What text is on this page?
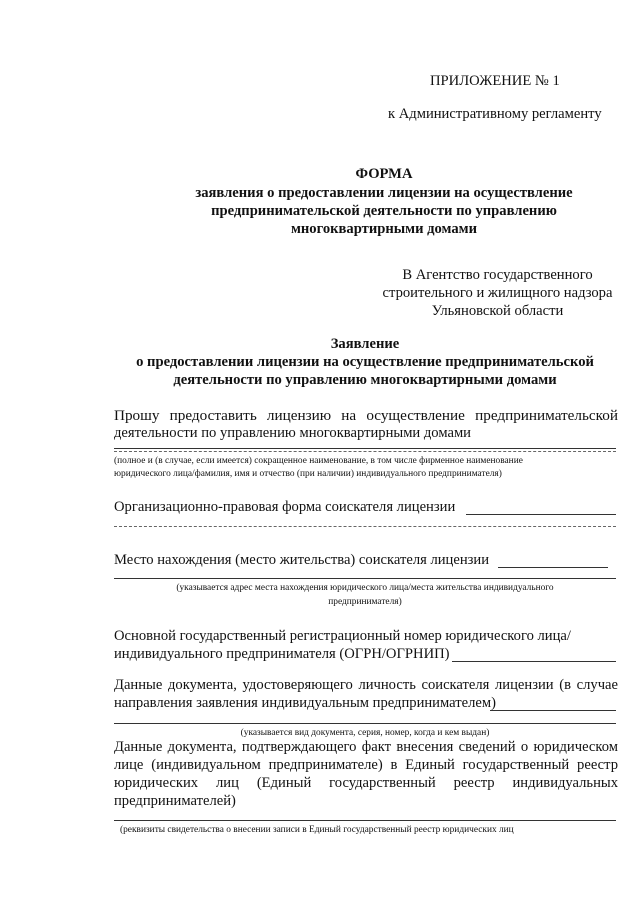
ПРИЛОЖЕНИЕ № 1
к Административному регламенту
ФОРМА
заявления о предоставлении лицензии на осуществление
предпринимательской деятельности по управлению
многоквартирными домами
В Агентство государственного
строительного и жилищного надзора
Ульяновской области
Заявление
о предоставлении лицензии на осуществление предпринимательской
деятельности по управлению многоквартирными домами
Прошу предоставить лицензию на осуществление предпринимательской
деятельности по управлению многоквартирными домами
(полное и (в случае, если имеется) сокращенное наименование, в том числе фирменное наименование
юридического лица/фамилия, имя и отчество (при наличии) индивидуального предпринимателя)
Организационно-правовая форма соискателя лицензии
Место нахождения (место жительства) соискателя лицензии
(указывается адрес места нахождения юридического лица/места жительства индивидуального
предпринимателя)
Основной государственный регистрационный номер юридического лица/
индивидуального предпринимателя (ОГРН/ОГРНИП)
Данные документа, удостоверяющего личность соискателя лицензии (в случае
направления заявления индивидуальным предпринимателем)
(указывается вид документа, серия, номер, когда и кем выдан)
Данные документа, подтверждающего факт внесения сведений о юридическом
лице (индивидуальном предпринимателе) в Единый государственный реестр
юридических лиц (Единый государственный реестр индивидуальных
предпринимателей)
(реквизиты свидетельства о внесении записи в Единый государственный реестр юридических лиц
